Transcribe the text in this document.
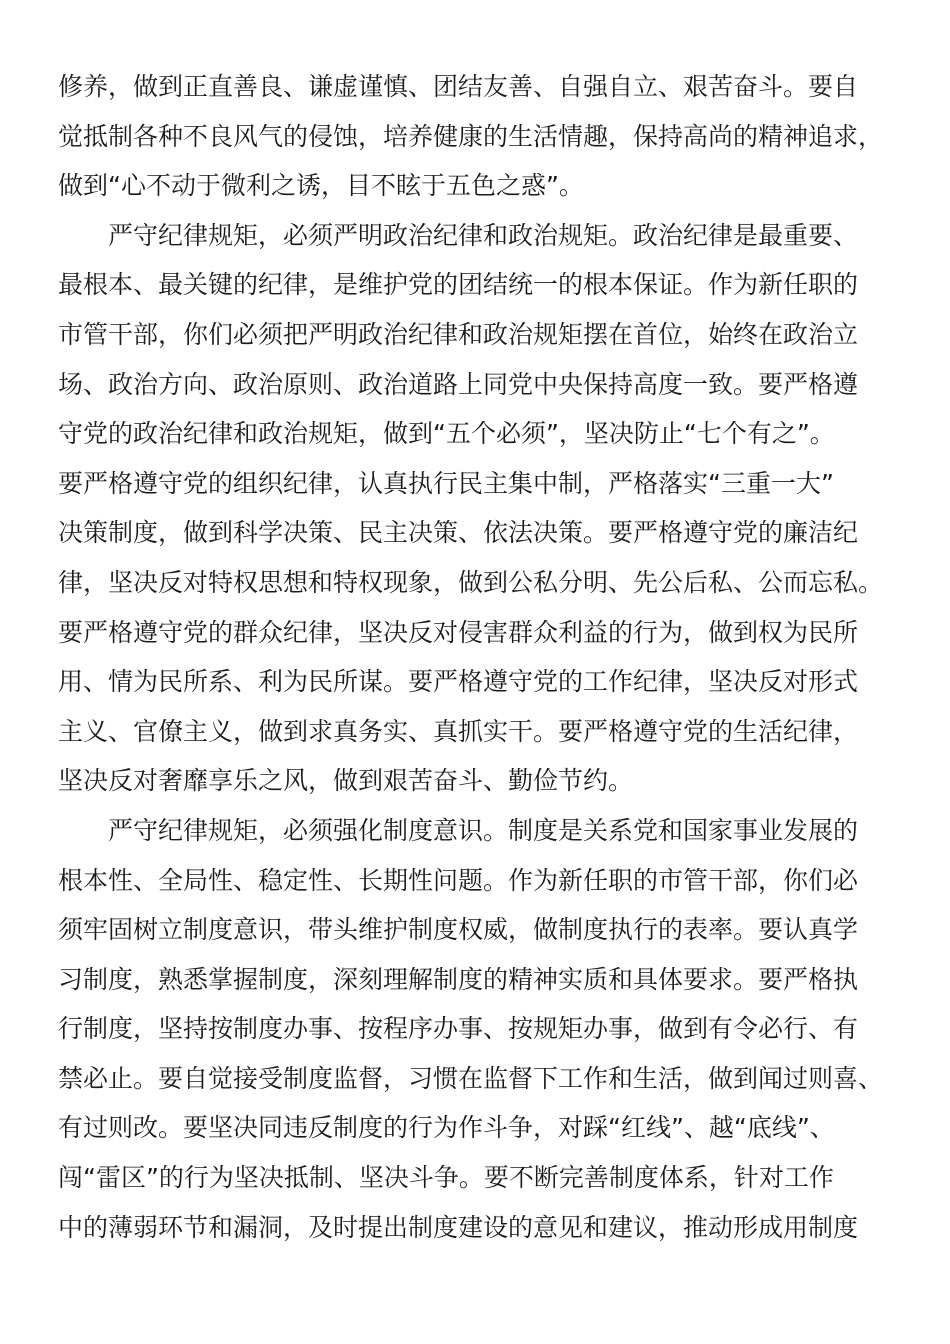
修养，做到正直善良、谦虚谨慎、团结友善、自强自立、艰苦奋斗。要自
觉抵制各种不良风气的侵蚀，培养健康的生活情趣，保持高尚的精神追求，
做到“心不动于微利之诱，目不眩于五色之惑”。
严守纪律规矩，必须严明政治纪律和政治规矩。政治纪律是最重要、
最根本、最关键的纪律，是维护党的团结统一的根本保证。作为新任职的
市管干部，你们必须把严明政治纪律和政治规矩摆在首位，始终在政治立
场、政治方向、政治原则、政治道路上同党中央保持高度一致。要严格遵
守党的政治纪律和政治规矩，做到“五个必须”，坚决防止“七个有之”。
要严格遵守党的组织纪律，认真执行民主集中制，严格落实“三重一大”
决策制度，做到科学决策、民主决策、依法决策。要严格遵守党的廉洁纪
律，坚决反对特权思想和特权现象，做到公私分明、先公后私、公而忘私。
要严格遵守党的群众纪律，坚决反对侵害群众利益的行为，做到权为民所
用、情为民所系、利为民所谋。要严格遵守党的工作纪律，坚决反对形式
主义、官僚主义，做到求真务实、真抓实干。要严格遵守党的生活纪律，
坚决反对奢靡享乐之风，做到艰苦奋斗、勤俭节约。
严守纪律规矩，必须强化制度意识。制度是关系党和国家事业发展的
根本性、全局性、稳定性、长期性问题。作为新任职的市管干部，你们必
须牢固树立制度意识，带头维护制度权威，做制度执行的表率。要认真学
习制度，熟悉掌握制度，深刻理解制度的精神实质和具体要求。要严格执
行制度，坚持按制度办事、按程序办事、按规矩办事，做到有令必行、有
禁必止。要自觉接受制度监督，习惯在监督下工作和生活，做到闻过则喜、
有过则改。要坚决同违反制度的行为作斗争，对踩“红线”、越“底线”、
闯“雷区”的行为坚决抵制、坚决斗争。要不断完善制度体系，针对工作
中的薄弱环节和漏洞，及时提出制度建设的意见和建议，推动形成用制度
